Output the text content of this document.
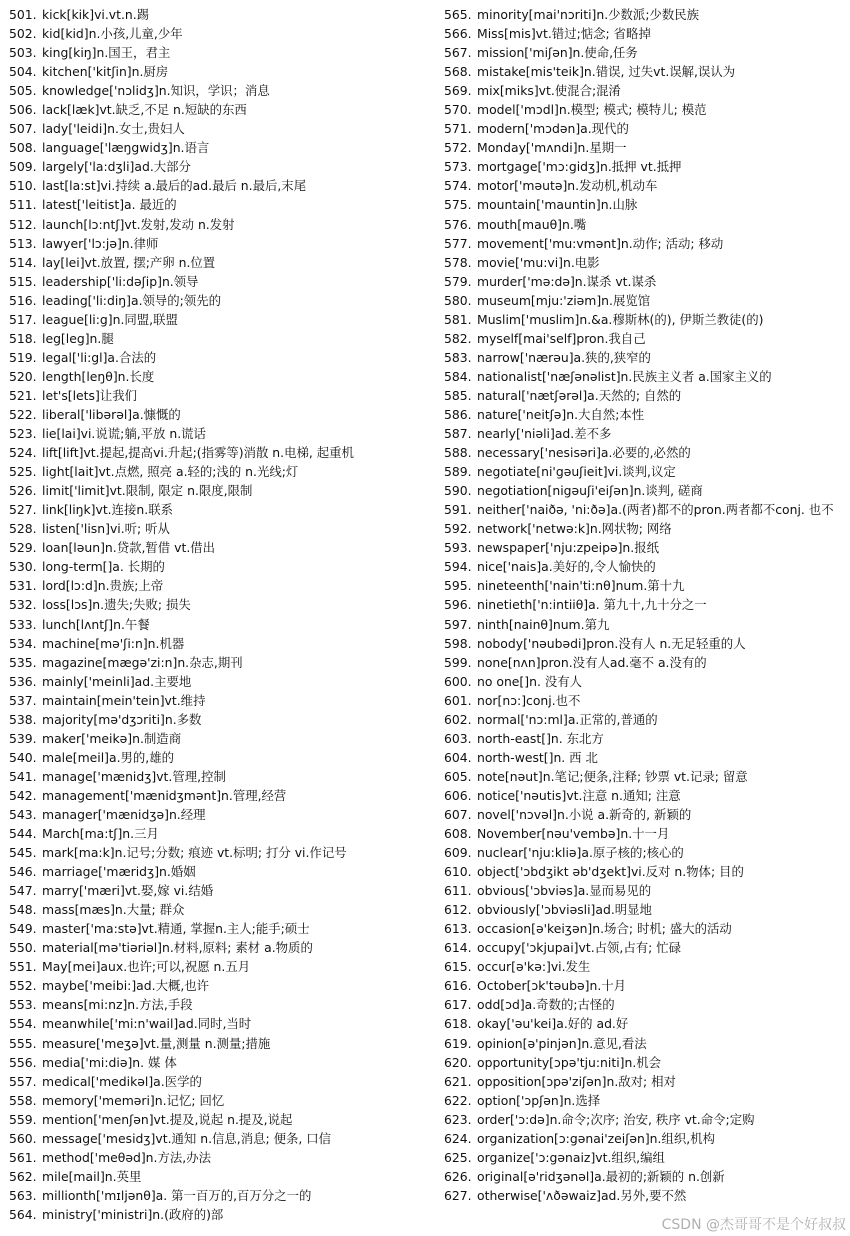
501. kick[kik]vi.vt.n.踢
502. kid[kid]n.小孩,儿童,少年
503. king[kiŋ]n.国王，君主
504. kitchen['kitʃin]n.厨房
505. knowledge['nɔlidʒ]n.知识，学识；消息
506. lack[læk]vt.缺乏,不足 n.短缺的东西
507. lady['leidi]n.女士,贵妇人
508. language['læŋgwidʒ]n.语言
509. largely['la:dʒli]ad.大部分
510. last[la:st]vi.持续 a.最后的ad.最后 n.最后,末尾
511. latest['leitist]a. 最近的
512. launch[lɔ:ntʃ]vt.发射,发动 n.发射
513. lawyer['lɔ:jə]n.律师
514. lay[lei]vt.放置, 摆;产卵 n.位置
515. leadership['li:dəʃip]n.领导
516. leading['li:diŋ]a.领导的;领先的
517. league[li:g]n.同盟,联盟
518. leg[leg]n.腿
519. legal['li:gl]a.合法的
520. length[leŋθ]n.长度
521. let's[lets]让我们
522. liberal['libərəl]a.慷慨的
523. lie[lai]vi.说谎;躺,平放 n.谎话
524. lift[lift]vt.提起,提高vi.升起;(指雾等)消散 n.电梯, 起重机
525. light[lait]vt.点燃, 照亮 a.轻的;浅的 n.光线;灯
526. limit['limit]vt.限制, 限定 n.限度,限制
527. link[liŋk]vt.连接n.联系
528. listen['lisn]vi.听; 听从
529. loan[ləun]n.贷款,暂借 vt.借出
530. long-term[]a. 长期的
531. lord[lɔ:d]n.贵族;上帝
532. loss[lɔs]n.遗失;失败; 损失
533. lunch[lʌntʃ]n.午餐
534. machine[mə'ʃi:n]n.机器
535. magazine[mægə'zi:n]n.杂志,期刊
536. mainly['meinli]ad.主要地
537. maintain[mein'tein]vt.维持
538. majority[mə'dʒɔriti]n.多数
539. maker['meikə]n.制造商
540. male[meil]a.男的,雄的
541. manage['mænidʒ]vt.管理,控制
542. management['mænidʒmənt]n.管理,经营
543. manager['mænidʒə]n.经理
544. March[ma:tʃ]n.三月
545. mark[ma:k]n.记号;分数; 痕迹 vt.标明; 打分 vi.作记号
546. marriage['mæridʒ]n.婚姻
547. marry['mæri]vt.娶,嫁 vi.结婚
548. mass[mæs]n.大量; 群众
549. master['ma:stə]vt.精通, 掌握n.主人;能手;硕士
550. material[mə'tiəriəl]n.材料,原料; 素材 a.物质的
551. May[mei]aux.也许;可以,祝愿 n.五月
552. maybe['meibi:]ad.大概,也许
553. means[mi:nz]n.方法,手段
554. meanwhile['mi:n'wail]ad.同时,当时
555. measure['meʒə]vt.量,测量 n.测量;措施
556. media['mi:diə]n. 媒 体
557. medical['medikəl]a.医学的
558. memory['meməri]n.记忆; 回忆
559. mention['menʃən]vt.提及,说起 n.提及,说起
560. message['mesidʒ]vt.通知 n.信息,消息; 便条, 口信
561. method['meθəd]n.方法,办法
562. mile[mail]n.英里
563. millionth['mɪljənθ]a. 第一百万的,百万分之一的
564. ministry['ministri]n.(政府的)部
565. minority[mai'nɔriti]n.少数派;少数民族
566. Miss[mis]vt.错过;惦念; 省略掉
567. mission['miʃən]n.使命,任务
568. mistake[mis'teik]n.错误, 过失vt.误解,误认为
569. mix[miks]vt.使混合;混淆
570. model['mɔdl]n.模型; 模式; 模特儿; 模范
571. modern['mɔdən]a.现代的
572. Monday['mʌndi]n.星期一
573. mortgage['mɔ:gidʒ]n.抵押 vt.抵押
574. motor['məutə]n.发动机,机动车
575. mountain['mauntin]n.山脉
576. mouth[mauθ]n.嘴
577. movement['mu:vmənt]n.动作; 活动; 移动
578. movie['mu:vi]n.电影
579. murder['mə:də]n.谋杀 vt.谋杀
580. museum[mju:'ziəm]n.展览馆
581. Muslim['muslim]n.&a.穆斯林(的), 伊斯兰教徒(的)
582. myself[mai'self]pron.我自己
583. narrow['nærəu]a.狭的,狭窄的
584. nationalist['næʃənəlist]n.民族主义者 a.国家主义的
585. natural['nætʃərəl]a.天然的; 自然的
586. nature['neitʃə]n.大自然;本性
587. nearly['niəli]ad.差不多
588. necessary['nesisəri]a.必要的,必然的
589. negotiate[ni'gəuʃieit]vi.谈判,议定
590. negotiation[nigəuʃi'eiʃən]n.谈判, 磋商
591. neither['naiðə, 'ni:ðə]a.(两者)都不的pron.两者都不conj. 也不
592. network['netwə:k]n.网状物; 网络
593. newspaper['nju:zpeipə]n.报纸
594. nice['nais]a.美好的,令人愉快的
595. nineteenth['nain'ti:nθ]num.第十九
596. ninetieth['n:intiiθ]a. 第九十,九十分之一
597. ninth[nainθ]num.第九
598. nobody['nəubədi]pron.没有人 n.无足轻重的人
599. none[nʌn]pron.没有人ad.毫不 a.没有的
600. no one[]n. 没有人
601. nor[nɔ:]conj.也不
602. normal['nɔ:ml]a.正常的,普通的
603. north-east[]n. 东北方
604. north-west[]n. 西 北
605. note[nəut]n.笔记;便条,注释; 钞票 vt.记录; 留意
606. notice['nəutis]vt.注意 n.通知; 注意
607. novel['nɔvəl]n.小说 a.新奇的, 新颖的
608. November[nəu'vembə]n.十一月
609. nuclear['nju:kliə]a.原子核的;核心的
610. object['ɔbdʒikt əb'dʒekt]vi.反对 n.物体; 目的
611. obvious['ɔbviəs]a.显而易见的
612. obviously['ɔbviəsli]ad.明显地
613. occasion[ə'keiʒən]n.场合; 时机; 盛大的活动
614. occupy['ɔkjupai]vt.占领,占有; 忙碌
615. occur[ə'kə:]vi.发生
616. October[ɔk'təubə]n.十月
617. odd[ɔd]a.奇数的;古怪的
618. okay['əu'kei]a.好的 ad.好
619. opinion[ə'pinjən]n.意见,看法
620. opportunity[ɔpə'tju:niti]n.机会
621. opposition[ɔpə'ziʃən]n.敌对; 相对
622. option['ɔpʃən]n.选择
623. order['ɔ:də]n.命令;次序; 治安, 秩序 vt.命令;定购
624. organization[ɔ:gənai'zeiʃən]n.组织,机构
625. organize['ɔ:gənaiz]vt.组织,编组
626. original[ə'ridʒənəl]a.最初的;新颖的 n.创新
627. otherwise['ʌðəwaiz]ad.另外,要不然
CSDN @杰哥哥不是个好叔叔
